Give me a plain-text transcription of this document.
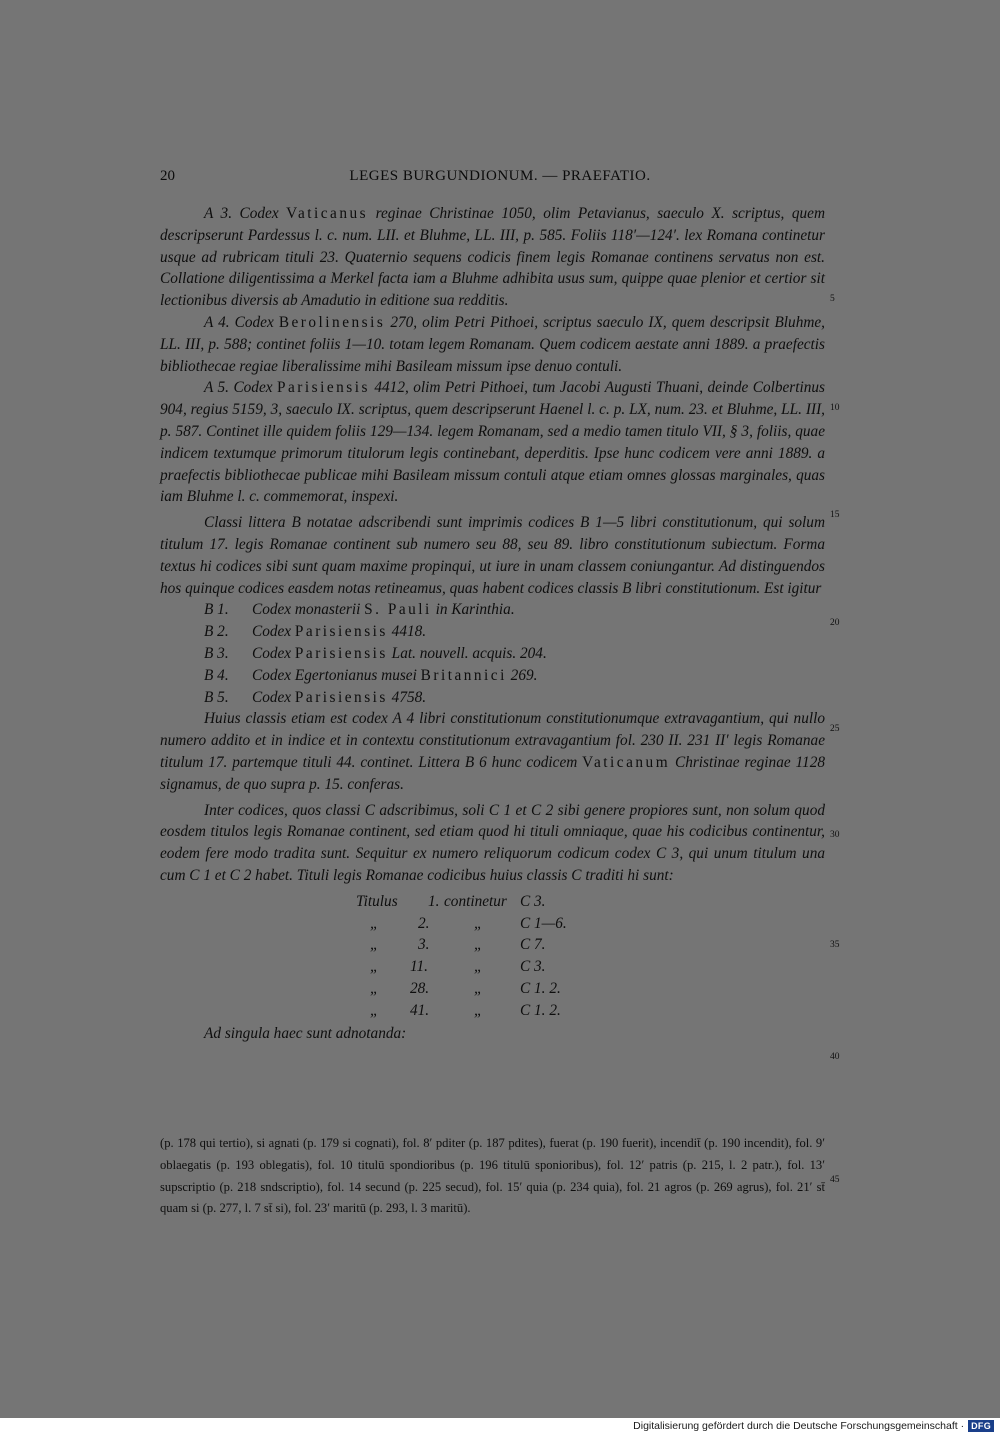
20	LEGES BURGUNDIONUM. — PRAEFATIO.

A 3. Codex Vaticanus reginae Christinae 1050, olim Petavianus, saeculo X. scriptus, quem descripserunt Pardessus l. c. num. LII. et Bluhme, LL. III, p. 585. Foliis 118′—124′. lex Romana continetur usque ad rubricam tituli 23. Quaternio sequens codicis finem legis Romanae continens servatus non est. Collatione diligentissima a Merkel facta iam a Bluhme adhibita usus sum, quippe quae plenior et certior sit lectionibus diversis ab Amadutio in editione sua redditis.

A 4. Codex Berolinensis 270, olim Petri Pithoei, scriptus saeculo IX, quem descripsit Bluhme, LL. III, p. 588; continet foliis 1—10. totam legem Romanam. Quem codicem aestate anni 1889. a praefectis bibliothecae regiae liberalissime mihi Basileam missum ipse denuo contuli.

A 5. Codex Parisiensis 4412, olim Petri Pithoei, tum Jacobi Augusti Thuani, deinde Colbertinus 904, regius 5159, 3, saeculo IX. scriptus, quem descripserunt Haenel l. c. p. LX, num. 23. et Bluhme, LL. III, p. 587. Continet ille quidem foliis 129—134. legem Romanam, sed a medio tamen titulo VII, § 3, foliis, quae indicem textumque primorum titulorum legis continebant, deperditis. Ipse hunc codicem vere anni 1889. a praefectis bibliothecae publicae mihi Basileam missum contuli atque etiam omnes glossas marginales, quas iam Bluhme l. c. commemorat, inspexi.

Classi littera B notatae adscribendi sunt imprimis codices B 1—5 libri constitutionum, qui solum titulum 17. legis Romanae continent sub numero seu 88, seu 89. libro constitutionum subiectum. Forma textus hi codices sibi sunt quam maxime propinqui, ut iure in unam classem coniungantur. Ad distinguendos hos quinque codices easdem notas retineamus, quas habent codices classis B libri constitutionum. Est igitur

B 1. Codex monasterii S. Pauli in Karinthia.
B 2. Codex Parisiensis 4418.
B 3. Codex Parisiensis Lat. nouvell. acquis. 204.
B 4. Codex Egertonianus musei Britannici 269.
B 5. Codex Parisiensis 4758.

Huius classis etiam est codex A 4 libri constitutionum constitutionumque extravagantium, qui nullo numero addito et in indice et in contextu constitutionum extravagantium fol. 230 II. 231 II′ legis Romanae titulum 17. partemque tituli 44. continet. Littera B 6 hunc codicem Vaticanum Christinae reginae 1128 signamus, de quo supra p. 15. conferas.

Inter codices, quos classi C adscribimus, soli C 1 et C 2 sibi genere propiores sunt, non solum quod eosdem titulos legis Romanae continent, sed etiam quod hi tituli omniaque, quae his codicibus continentur, eodem fere modo tradita sunt. Sequitur ex numero reliquorum codicum codex C 3, qui unum titulum una cum C 1 et C 2 habet. Tituli legis Romanae codicibus huius classis C traditi hi sunt:

Titulus 1. continetur C 3.
„	2.	„ C 1—6.
„	3.	„ C 7.
„ 11.	„ C 3.
„ 28.	„ C 1. 2.
„ 41.	„ C 1. 2.

Ad singula haec sunt adnotanda:

(p. 178 qui tertio), si agnati (p. 179 si cognati), fol. 8′ pditer (p. 187 pdites), fuerat (p. 190 fuerit), incendit̄ (p. 190 incendit), fol. 9′ oblaegatis (p. 193 oblegatis), fol. 10 titulū spondioribus (p. 196 titulū sponioribus), fol. 12′ patris (p. 215, l. 2 patr.), fol. 13′ supscriptio (p. 218 sndscriptio), fol. 14 secund (p. 225 secud), fol. 15′ quia (p. 234 quia), fol. 21 agros (p. 269 agrus), fol. 21′ st̄ quam si (p. 277, l. 7 st̄ si), fol. 23′ maritū (p. 293, l. 3 maritū).
5
10
15
20
25
30
35
40
45
Digitalisierung gefördert durch die Deutsche Forschungsgemeinschaft · DFG
